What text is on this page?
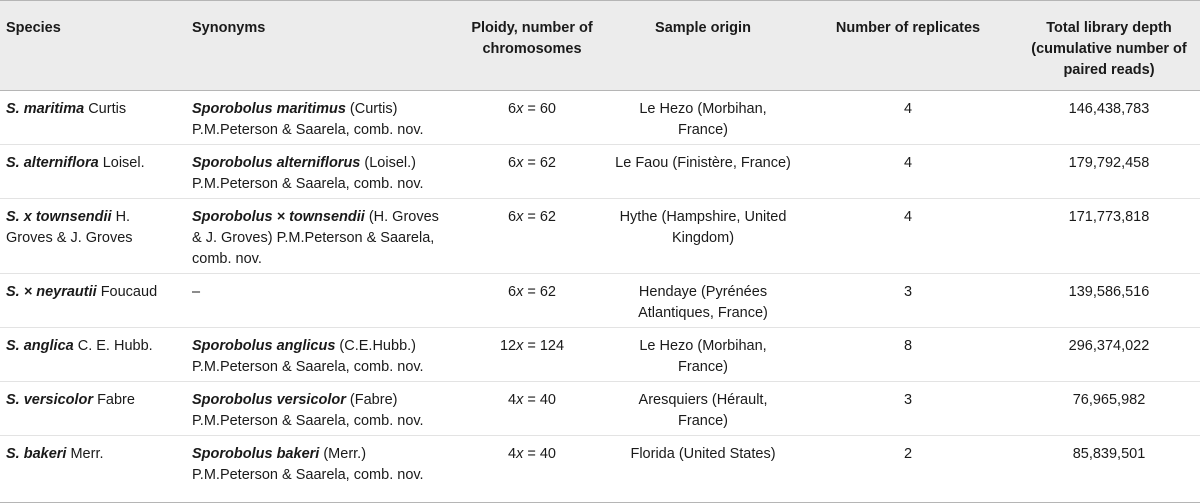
Species	Synonyms	Ploidy, number of chromosomes	Sample origin	Number of replicates	Total library depth (cumulative number of paired reads)
S. maritima Curtis	Sporobolus maritimus (Curtis) P.M.Peterson & Saarela, comb. nov.	6x = 60	Le Hezo (Morbihan, France)	4	146,438,783
S. alterniflora Loisel.	Sporobolus alterniflorus (Loisel.) P.M.Peterson & Saarela, comb. nov.	6x = 62	Le Faou (Finistère, France)	4	179,792,458
S. x townsendii H. Groves & J. Groves	Sporobolus × townsendii (H. Groves & J. Groves) P.M.Peterson & Saarela, comb. nov.	6x = 62	Hythe (Hampshire, United Kingdom)	4	171,773,818
S. × neyrautii Foucaud	–	6x = 62	Hendaye (Pyrénées Atlantiques, France)	3	139,586,516
S. anglica C. E. Hubb.	Sporobolus anglicus (C.E.Hubb.) P.M.Peterson & Saarela, comb. nov.	12x = 124	Le Hezo (Morbihan, France)	8	296,374,022
S. versicolor Fabre	Sporobolus versicolor (Fabre) P.M.Peterson & Saarela, comb. nov.	4x = 40	Aresquiers (Hérault, France)	3	76,965,982
S. bakeri Merr.	Sporobolus bakeri (Merr.) P.M.Peterson & Saarela, comb. nov.	4x = 40	Florida (United States)	2	85,839,501
